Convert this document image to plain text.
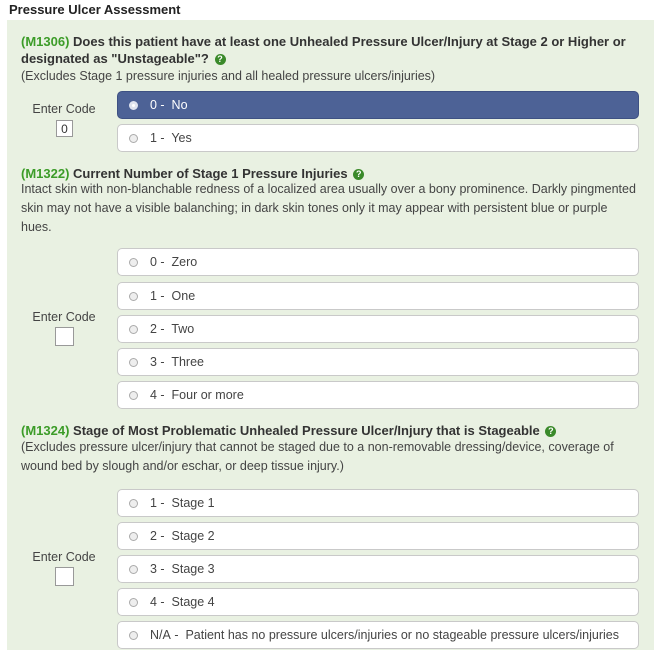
Pressure Ulcer Assessment
(M1306) Does this patient have at least one Unhealed Pressure Ulcer/Injury at Stage 2 or Higher or
designated as "Unstageable"? ?
(Excludes Stage 1 pressure injuries and all healed pressure ulcers/injuries)
Enter Code
0
0 -  No
1 -  Yes
(M1322) Current Number of Stage 1 Pressure Injuries ?
Intact skin with non-blanchable redness of a localized area usually over a bony prominence. Darkly pingmented
skin may not have a visible balanching; in dark skin tones only it may appear with persistent blue or purple
hues.
Enter Code
0 -  Zero
1 -  One
2 -  Two
3 -  Three
4 -  Four or more
(M1324) Stage of Most Problematic Unhealed Pressure Ulcer/Injury that is Stageable ?
(Excludes pressure ulcer/injury that cannot be staged due to a non-removable dressing/device, coverage of
wound bed by slough and/or eschar, or deep tissue injury.)
Enter Code
1 -  Stage 1
2 -  Stage 2
3 -  Stage 3
4 -  Stage 4
N/A -  Patient has no pressure ulcers/injuries or no stageable pressure ulcers/injuries
